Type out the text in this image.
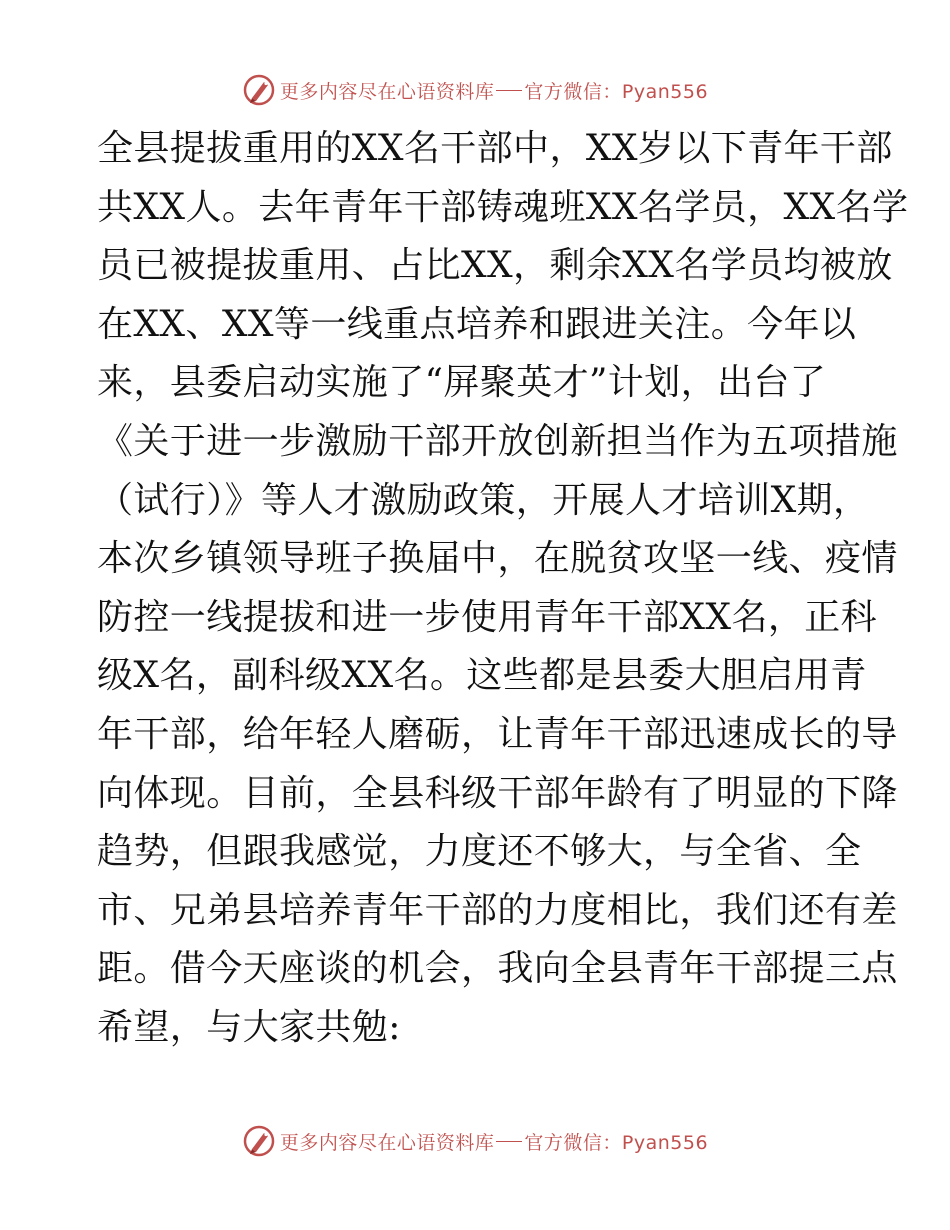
更多内容尽在心语资料库 官方微信：Pyan556
全县提拔重用的XX名干部中，XX岁以下青年干部
共XX人。去年青年干部铸魂班XX名学员，XX名学
员已被提拔重用、占比XX，剩余XX名学员均被放
在XX、XX等一线重点培养和跟进关注。今年以
来，县委启动实施了“屏聚英才”计划，出台了
《关于进一步激励干部开放创新担当作为五项措施
（试行）》等人才激励政策，开展人才培训X期，
本次乡镇领导班子换届中，在脱贫攻坚一线、疫情
防控一线提拔和进一步使用青年干部XX名，正科
级X名，副科级XX名。这些都是县委大胆启用青
年干部，给年轻人磨砺，让青年干部迅速成长的导
向体现。目前，全县科级干部年龄有了明显的下降
趋势，但跟我感觉，力度还不够大，与全省、全
市、兄弟县培养青年干部的力度相比，我们还有差
距。借今天座谈的机会，我向全县青年干部提三点
希望，与大家共勉:
更多内容尽在心语资料库 官方微信：Pyan556
